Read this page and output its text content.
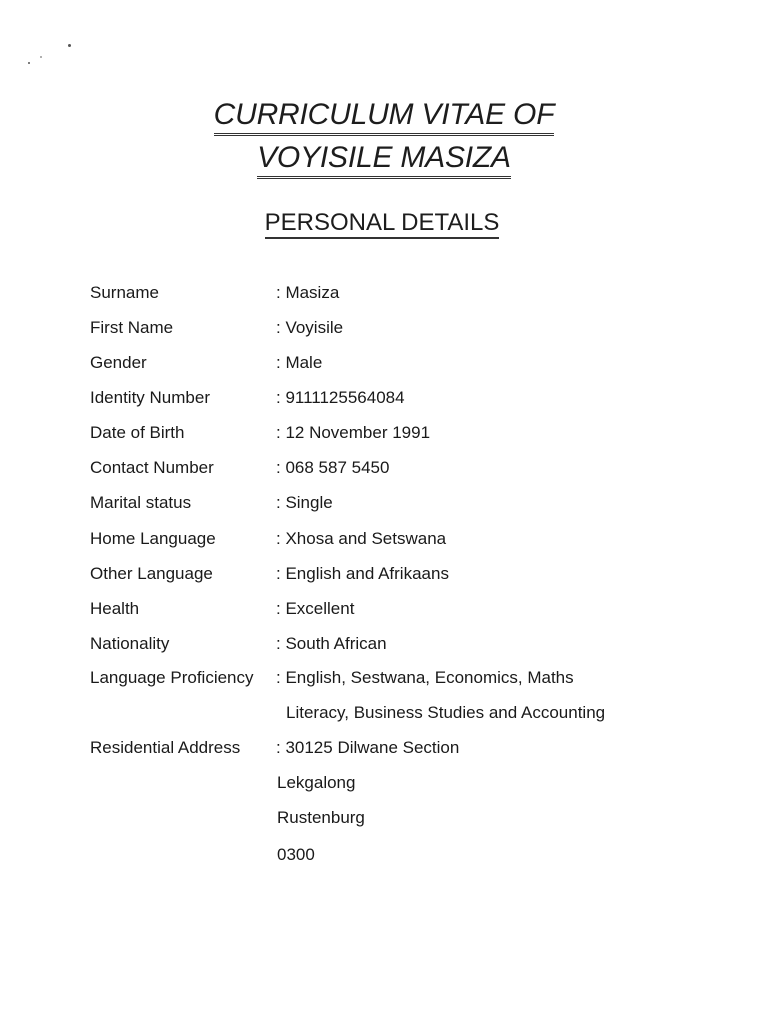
CURRICULUM VITAE OF
VOYISILE MASIZA
PERSONAL DETAILS
Surname	: Masiza
First Name	: Voyisile
Gender	: Male
Identity Number	: 9111125564084
Date of Birth	: 12 November 1991
Contact Number	: 068 587 5450
Marital status	: Single
Home Language	: Xhosa and Setswana
Other Language	: English and Afrikaans
Health	: Excellent
Nationality	: South African
Language Proficiency : English, Sestwana, Economics, Maths
Literacy, Business Studies and Accounting
Residential Address : 30125 Dilwane Section
Lekgalong
Rustenburg
0300
